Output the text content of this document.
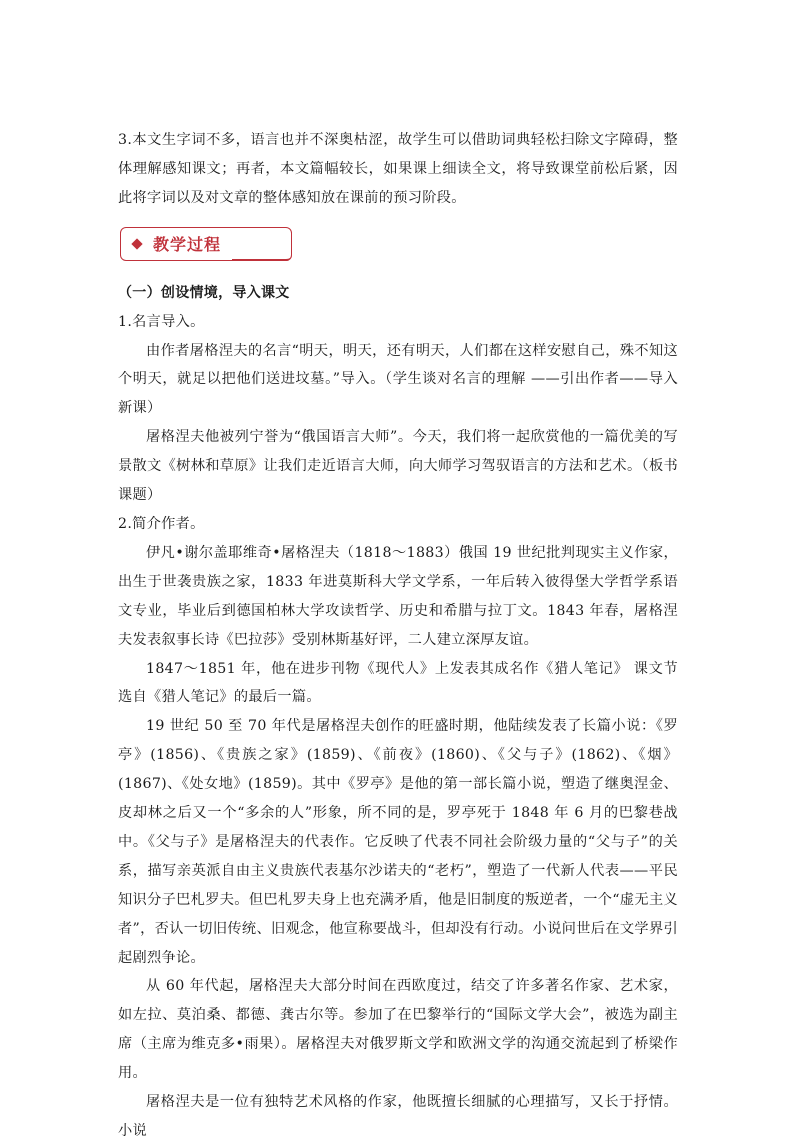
3.本文生字词不多，语言也并不深奥枯涩，故学生可以借助词典轻松扫除文字障碍，整体理解感知课文；再者，本文篇幅较长，如果课上细读全文，将导致课堂前松后紧，因此将字词以及对文章的整体感知放在课前的预习阶段。

教学过程

（一）创设情境，导入课文

1.名言导入。

由作者屠格涅夫的名言“明天，明天，还有明天，人们都在这样安慰自己，殊不知这个明天，就足以把他们送进坟墓。”导入。（学生谈对名言的理解 ——引出作者——导入新课）

屠格涅夫他被列宁誉为“俄国语言大师”。今天，我们将一起欣赏他的一篇优美的写景散文《树林和草原》让我们走近语言大师，向大师学习驾驭语言的方法和艺术。（板书课题）

2.简介作者。

伊凡•谢尔盖耶维奇•屠格涅夫（1818～1883）俄国 19 世纪批判现实主义作家，出生于世袭贵族之家，1833 年进莫斯科大学文学系，一年后转入彼得堡大学哲学系语文专业，毕业后到德国柏林大学攻读哲学、历史和希腊与拉丁文。1843 年春，屠格涅夫发表叙事长诗《巴拉莎》受别林斯基好评，二人建立深厚友谊。

1847～1851 年，他在进步刊物《现代人》上发表其成名作《猎人笔记》 课文节选自《猎人笔记》的最后一篇。

19 世纪 50 至 70 年代是屠格涅夫创作的旺盛时期，他陆续发表了长篇小说：《罗亭》(1856)、《贵族之家》(1859)、《前夜》(1860)、《父与子》(1862)、《烟》(1867)、《处女地》(1859)。其中《罗亭》是他的第一部长篇小说，塑造了继奥涅金、皮却林之后又一个“多余的人”形象，所不同的是，罗亭死于 1848 年 6 月的巴黎巷战中。《父与子》是屠格涅夫的代表作。它反映了代表不同社会阶级力量的“父与子”的关系，描写亲英派自由主义贵族代表基尔沙诺夫的“老朽”，塑造了一代新人代表——平民知识分子巴札罗夫。但巴札罗夫身上也充满矛盾，他是旧制度的叛逆者，一个“虚无主义者”，否认一切旧传统、旧观念，他宣称要战斗，但却没有行动。小说问世后在文学界引起剧烈争论。

从 60 年代起，屠格涅夫大部分时间在西欧度过，结交了许多著名作家、艺术家，如左拉、莫泊桑、都德、龚古尔等。参加了在巴黎举行的“国际文学大会”，被选为副主席（主席为维克多•雨果）。屠格涅夫对俄罗斯文学和欧洲文学的沟通交流起到了桥梁作用。

屠格涅夫是一位有独特艺术风格的作家，他既擅长细腻的心理描写，又长于抒情。小说
